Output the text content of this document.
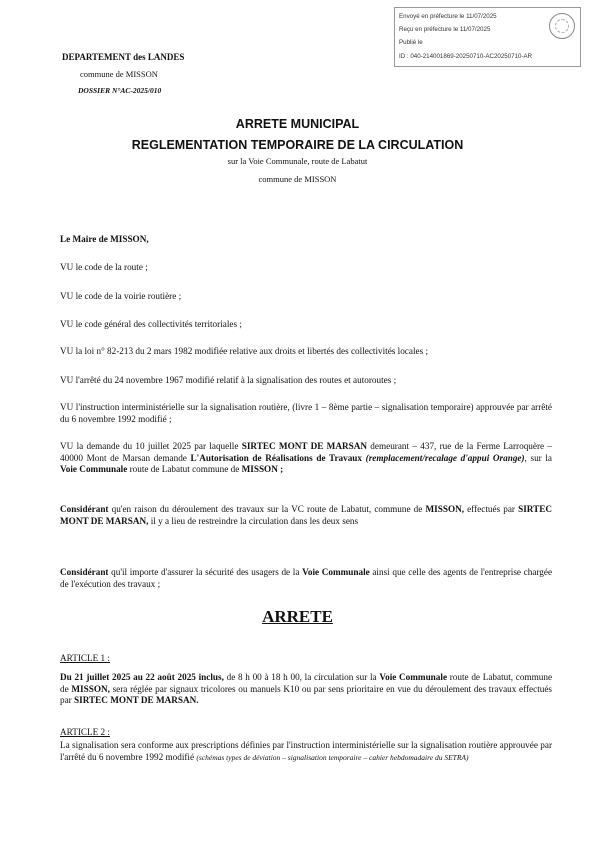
Envoyé en préfecture le 11/07/2025
Reçu en préfecture le 11/07/2025
Publié le
ID : 040-214001869-20250710-AC20250710-AR
DEPARTEMENT des LANDES
commune de MISSON
DOSSIER N°AC-2025/010
ARRETE MUNICIPAL
REGLEMENTATION TEMPORAIRE DE LA CIRCULATION
sur la Voie Communale, route de Labatut
commune de MISSON
Le Maire de MISSON,
VU le code de la route ;
VU le code de la voirie routière ;
VU le code général des collectivités territoriales ;
VU la loi n° 82-213 du 2 mars 1982 modifiée relative aux droits et libertés des collectivités locales ;
VU l'arrêté du 24 novembre 1967 modifié relatif à la signalisation des routes et autoroutes ;
VU l'instruction interministérielle sur la signalisation routière, (livre 1 – 8ème partie – signalisation temporaire) approuvée par arrêté du 6 novembre 1992 modifié ;
VU la demande du 10 juillet 2025 par laquelle SIRTEC MONT DE MARSAN demeurant – 437, rue de la Ferme Larroquère – 40000 Mont de Marsan demande L'Autorisation de Réalisations de Travaux (remplacement/recalage d'appui Orange), sur la Voie Communale route de Labatut commune de MISSON ;
Considérant qu'en raison du déroulement des travaux sur la VC route de Labatut, commune de MISSON, effectués par SIRTEC MONT DE MARSAN, il y a lieu de restreindre la circulation dans les deux sens
Considérant qu'il importe d'assurer la sécurité des usagers de la Voie Communale ainsi que celle des agents de l'entreprise chargée de l'exécution des travaux ;
ARRETE
ARTICLE 1 :
Du 21 juillet 2025 au 22 août 2025 inclus, de 8 h 00 à 18 h 00, la circulation sur la Voie Communale route de Labatut, commune de MISSON, sera réglée par signaux tricolores ou manuels K10 ou par sens prioritaire en vue du déroulement des travaux effectués par SIRTEC MONT DE MARSAN.
ARTICLE 2 :
La signalisation sera conforme aux prescriptions définies par l'instruction interministérielle sur la signalisation routière approuvée par l'arrêté du 6 novembre 1992 modifié (schémas types de déviation – signalisation temporaire – cahier hebdomadaire du SETRA)
